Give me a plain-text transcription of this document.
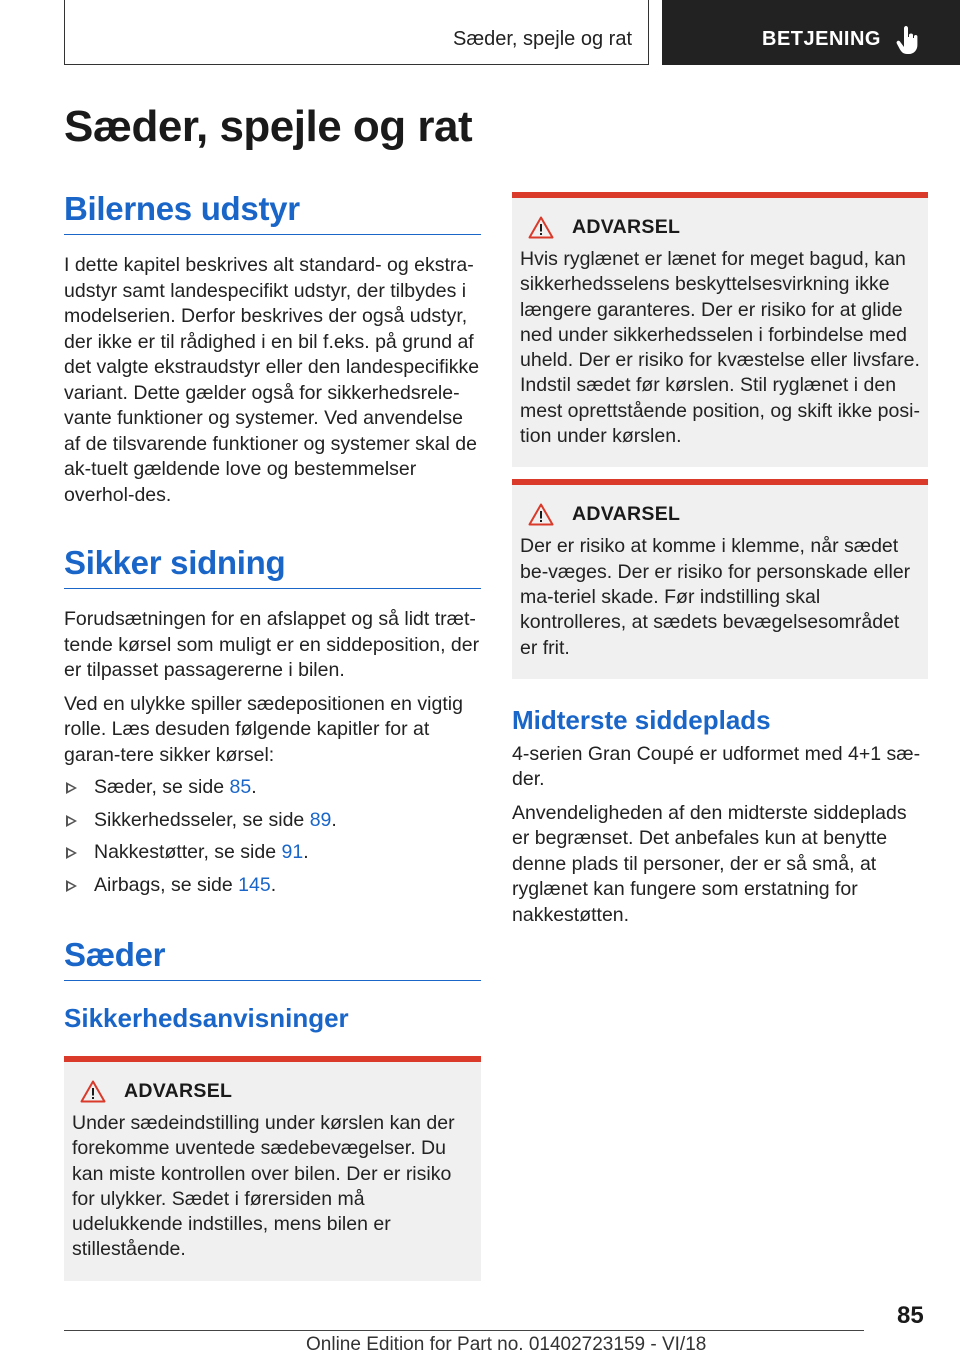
Sæder, spejle og rat	BETJENING
Sæder, spejle og rat
Bilernes udstyr

I dette kapitel beskrives alt standard- og ekstra-udstyr samt landespecifikt udstyr, der tilbydes i modelserien. Derfor beskrives der også udstyr, der ikke er til rådighed i en bil f.eks. på grund af det valgte ekstraudstyr eller den landespecifikke variant. Dette gælder også for sikkerhedsrele-vante funktioner og systemer. Ved anvendelse af de tilsvarende funktioner og systemer skal de ak-tuelt gældende love og bestemmelser overhol-des.

Sikker sidning

Forudsætningen for en afslappet og så lidt træt-tende kørsel som muligt er en siddeposition, der er tilpasset passagererne i bilen.

Ved en ulykke spiller sædepositionen en vigtig rolle. Læs desuden følgende kapitler for at garan-tere sikker kørsel:

Sæder, se side 85.
Sikkerhedsseler, se side 89.
Nakkestøtter, se side 91.
Airbags, se side 145.
Sæder
Sikkerhedsanvisninger
ADVARSEL

Under sædeindstilling under kørslen kan der forekomme uventede sædebevægelser. Du kan miste kontrollen over bilen. Der er risiko for ulykker. Sædet i førersiden må udelukkende indstilles, mens bilen er stillestående.

ADVARSEL

Hvis ryglænet er lænet for meget bagud, kan sikkerhedsselens beskyttelsesvirkning ikke længere garanteres. Der er risiko for at glide ned under sikkerhedsselen i forbindelse med uheld. Der er risiko for kvæstelse eller livsfare. Indstil sædet før kørslen. Stil ryglænet i den mest oprettstående position, og skift ikke posi-tion under kørslen.

ADVARSEL

Der er risiko at komme i klemme, når sædet be-væges. Der er risiko for personskade eller ma-teriel skade. Før indstilling skal kontrolleres, at sædets bevægelsesområdet er frit.

Midterste siddeplads

4-serien Gran Coupé er udformet med 4+1 sæ-der.

Anvendeligheden af den midterste siddeplads er begrænset. Det anbefales kun at benytte denne plads til personer, der er så små, at ryglænet kan fungere som erstatning for nakkestøtten.

85
Online Edition for Part no. 01402723159 - VI/18
